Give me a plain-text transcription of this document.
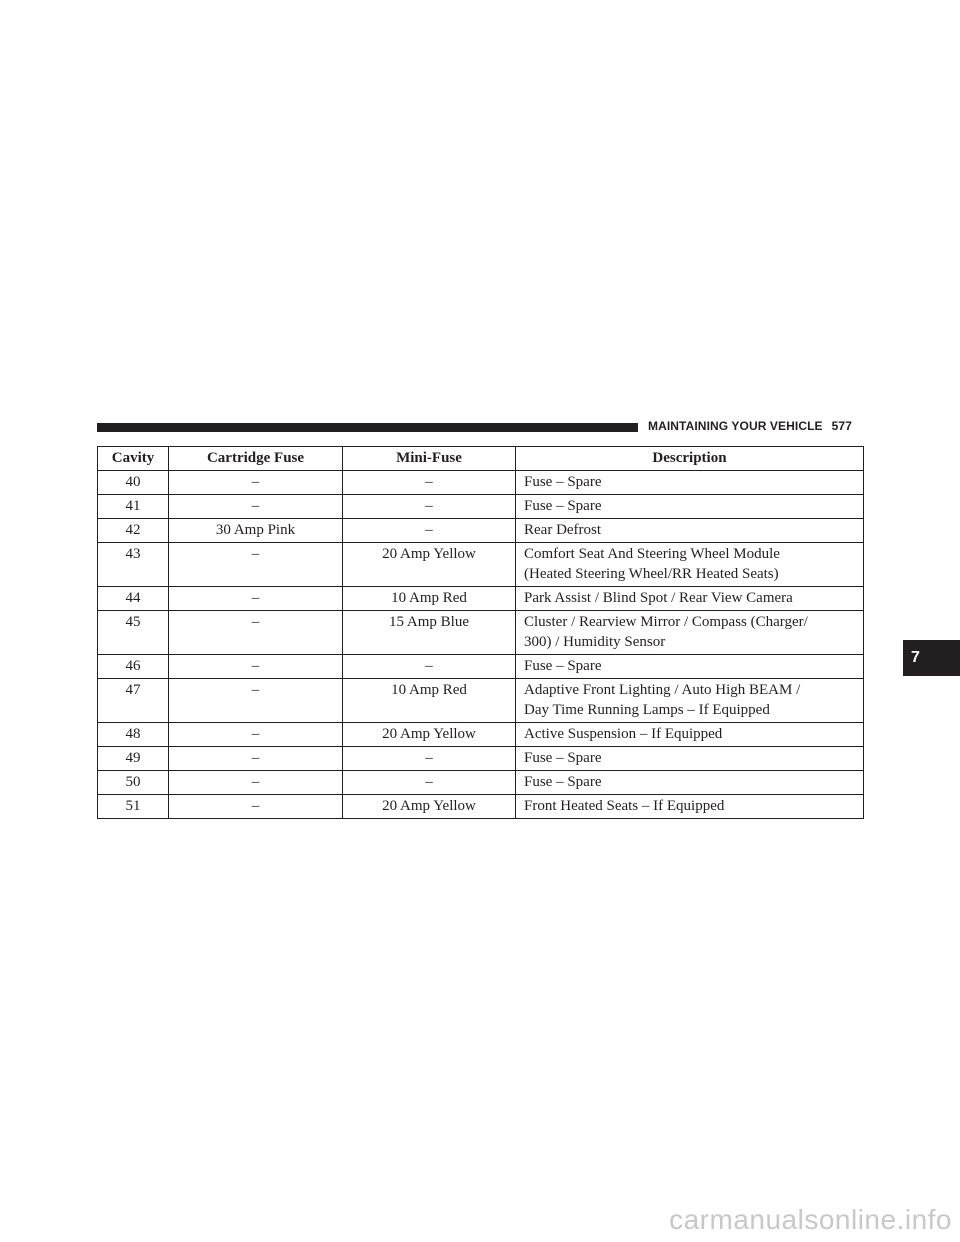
MAINTAINING YOUR VEHICLE 577
7
Cavity	Cartridge Fuse	Mini-Fuse	Description
40	–	–	Fuse – Spare

41	–	–	Fuse – Spare

42	30 Amp Pink	–	Rear Defrost

43	–	20 Amp Yellow	Comfort Seat And Steering Wheel Module
(Heated Steering Wheel/RR Heated Seats)

44	–	10 Amp Red	Park Assist / Blind Spot / Rear View Camera

45	–	15 Amp Blue	Cluster / Rearview Mirror / Compass (Charger/
300) / Humidity Sensor

46	–	–	Fuse – Spare

47	–	10 Amp Red	Adaptive Front Lighting / Auto High BEAM /
Day Time Running Lamps – If Equipped

48	–	20 Amp Yellow	Active Suspension – If Equipped

49	–	–	Fuse – Spare

50	–	–	Fuse – Spare

51	–	20 Amp Yellow	Front Heated Seats – If Equipped
carmanualsonline.info
